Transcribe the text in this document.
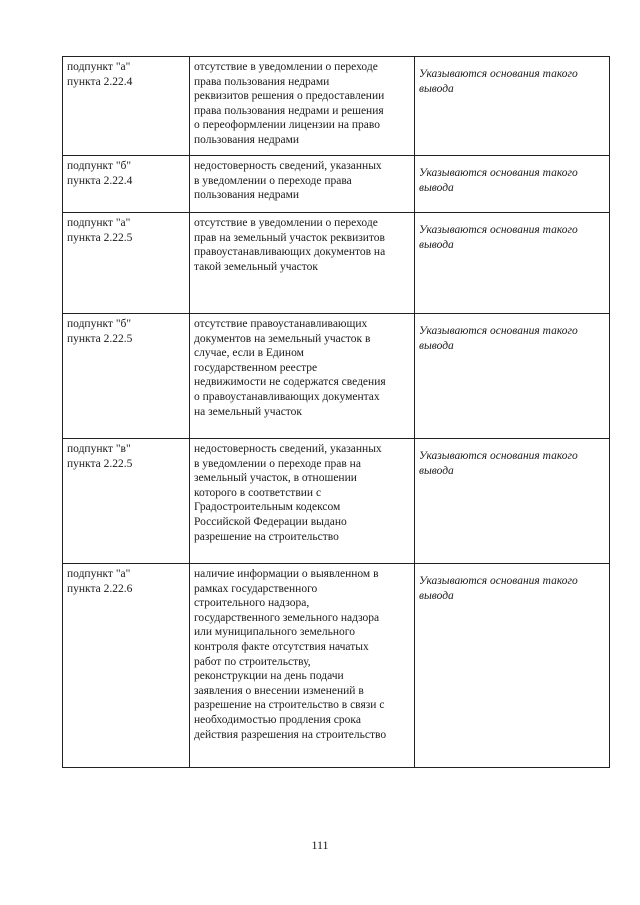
подпункт "а"
пункта 2.22.4
отсутствие в уведомлении о переходе
права пользования недрами
реквизитов решения о предоставлении
права пользования недрами и решения
о переоформлении лицензии на право
пользования недрами
Указываются основания такого
вывода
подпункт "б"
пункта 2.22.4
недостоверность сведений, указанных
в уведомлении о переходе права
пользования недрами
Указываются основания такого
вывода
подпункт "а"
пункта 2.22.5
отсутствие в уведомлении о переходе
прав на земельный участок реквизитов
правоустанавливающих документов на
такой земельный участок
Указываются основания такого
вывода
подпункт "б"
пункта 2.22.5
отсутствие правоустанавливающих
документов на земельный участок в
случае, если в Едином
государственном реестре
недвижимости не содержатся сведения
о правоустанавливающих документах
на земельный участок
Указываются основания такого
вывода
подпункт "в"
пункта 2.22.5
недостоверность сведений, указанных
в уведомлении о переходе прав на
земельный участок, в отношении
которого в соответствии с
Градостроительным кодексом
Российской Федерации выдано
разрешение на строительство
Указываются основания такого
вывода
подпункт "а"
пункта 2.22.6
наличие информации о выявленном в
рамках государственного
строительного надзора,
государственного земельного надзора
или муниципального земельного
контроля факте отсутствия начатых
работ по строительству,
реконструкции на день подачи
заявления о внесении изменений в
разрешение на строительство в связи с
необходимостью продления срока
действия разрешения на строительство
Указываются основания такого
вывода
111
